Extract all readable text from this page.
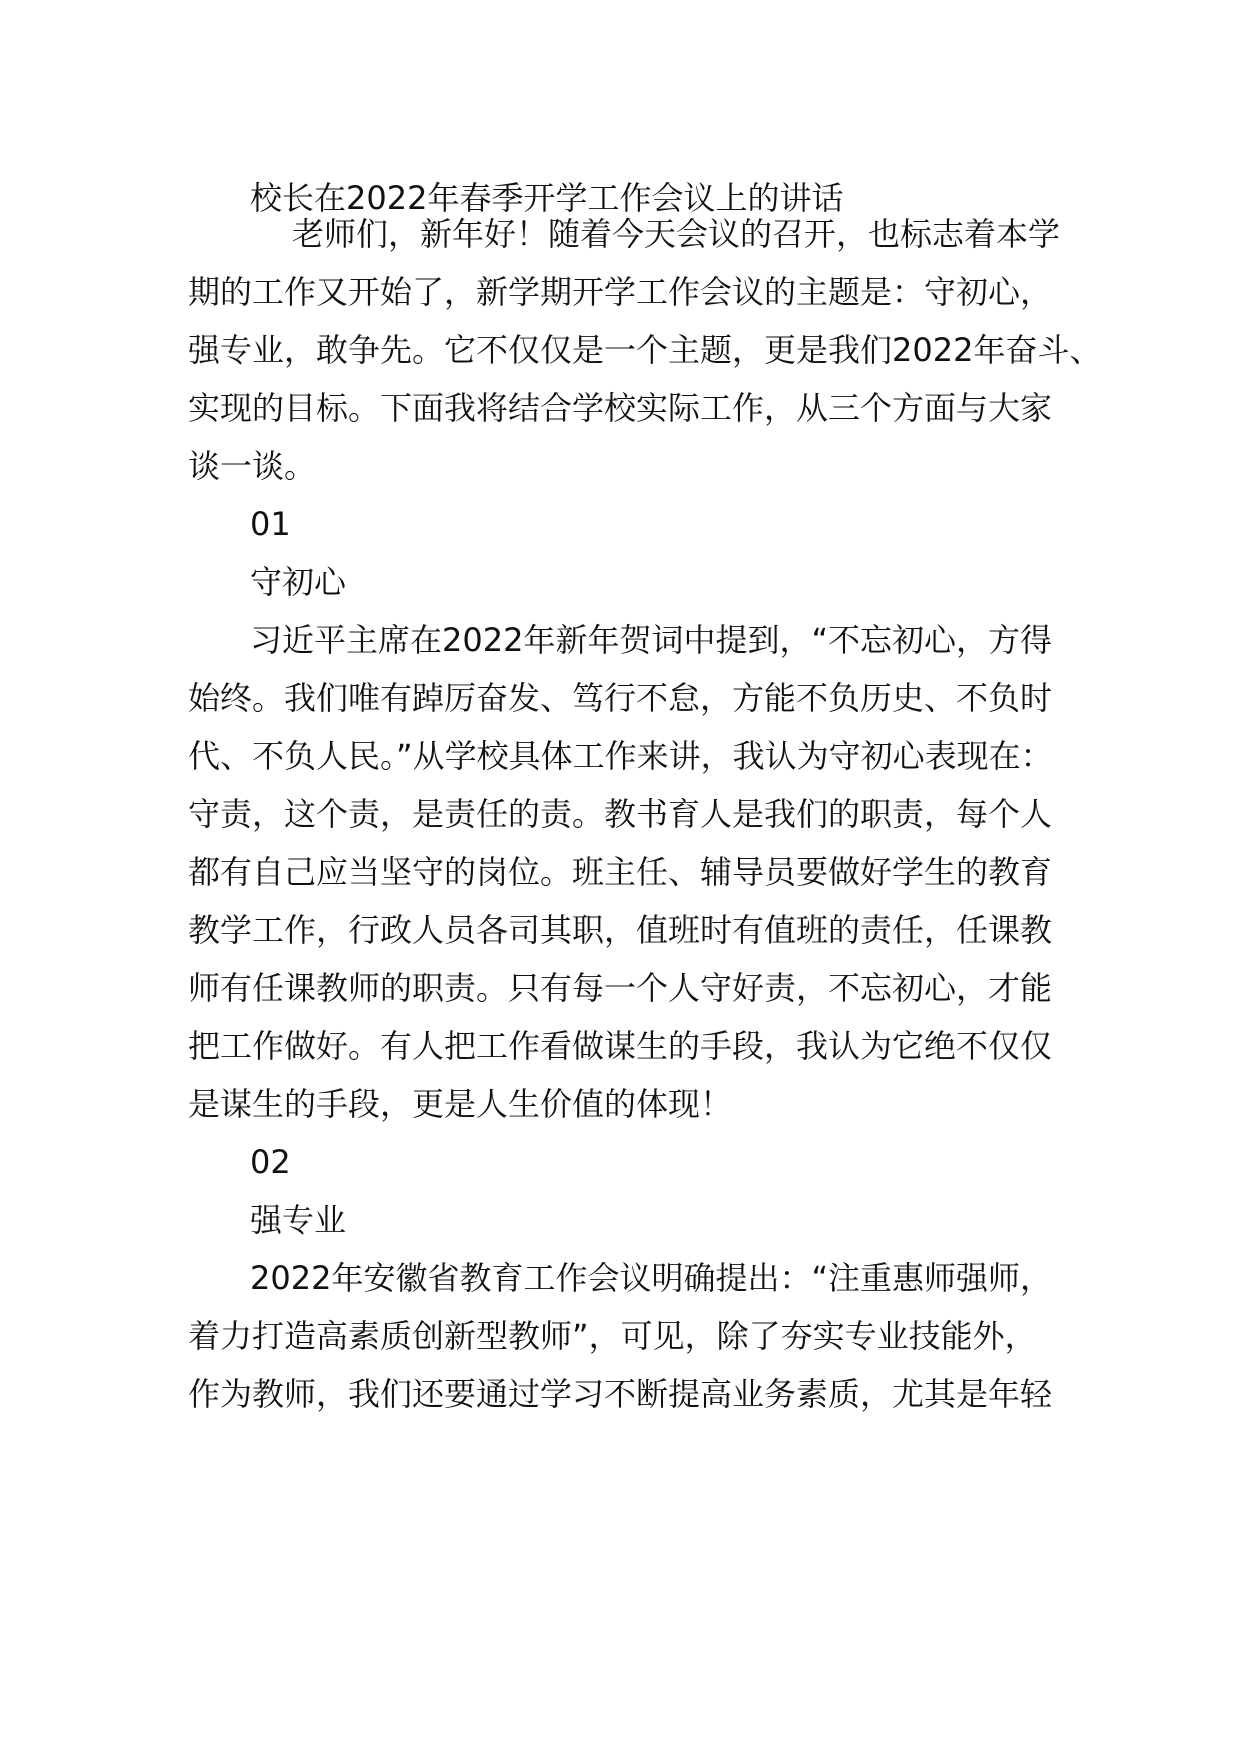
校长在2022年春季开学工作会议上的讲话

老师们，新年好！随着今天会议的召开，也标志着本学

期的工作又开始了，新学期开学工作会议的主题是：守初心，

强专业，敢争先。它不仅仅是一个主题，更是我们2022年奋斗、

实现的目标。下面我将结合学校实际工作，从三个方面与大家

谈一谈。

01

守初心

习近平主席在2022年新年贺词中提到，“不忘初心，方得

始终。我们唯有踔厉奋发、笃行不怠，方能不负历史、不负时

代、不负人民。”从学校具体工作来讲，我认为守初心表现在：

守责，这个责，是责任的责。教书育人是我们的职责，每个人

都有自己应当坚守的岗位。班主任、辅导员要做好学生的教育

教学工作，行政人员各司其职，值班时有值班的责任，任课教

师有任课教师的职责。只有每一个人守好责，不忘初心，才能

把工作做好。有人把工作看做谋生的手段，我认为它绝不仅仅

是谋生的手段，更是人生价值的体现！

02

强专业

2022年安徽省教育工作会议明确提出：“注重惠师强师，

着力打造高素质创新型教师”，可见，除了夯实专业技能外，

作为教师，我们还要通过学习不断提高业务素质，尤其是年轻
